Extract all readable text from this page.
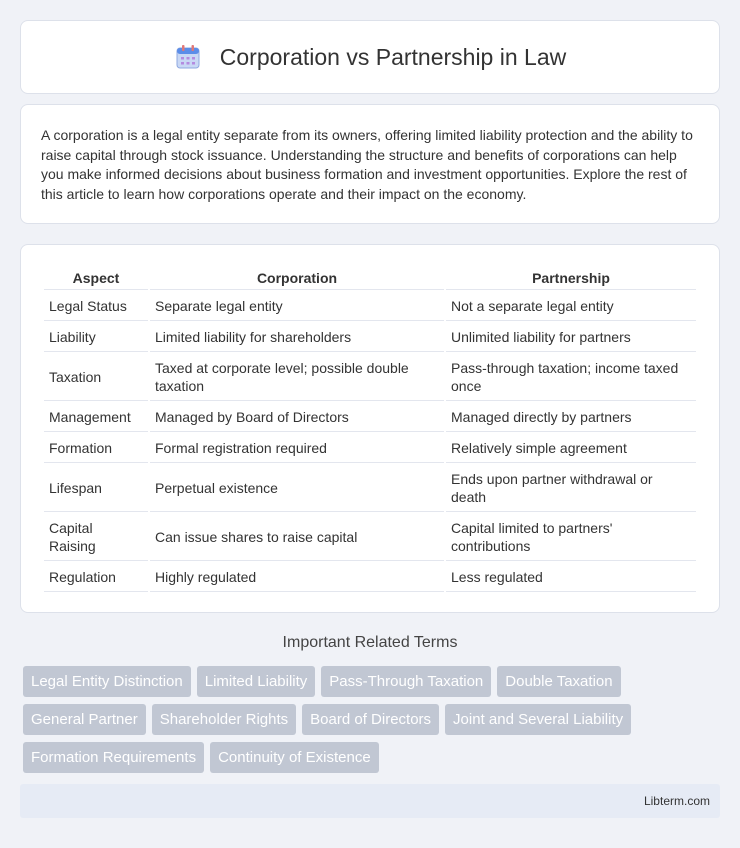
Corporation vs Partnership in Law

A corporation is a legal entity separate from its owners, offering limited liability protection and the ability to raise capital through stock issuance. Understanding the structure and benefits of corporations can help you make informed decisions about business formation and investment opportunities. Explore the rest of this article to learn how corporations operate and their impact on the economy.

Aspect	Corporation	Partnership
Legal Status	Separate legal entity	Not a separate legal entity
Liability	Limited liability for shareholders	Unlimited liability for partners
Taxation	Taxed at corporate level; possible double taxation	Pass-through taxation; income taxed once
Management	Managed by Board of Directors	Managed directly by partners
Formation	Formal registration required	Relatively simple agreement
Lifespan	Perpetual existence	Ends upon partner withdrawal or death
Capital Raising	Can issue shares to raise capital	Capital limited to partners' contributions
Regulation	Highly regulated	Less regulated
Important Related Terms
Legal Entity Distinction	Limited Liability	Pass-Through Taxation	Double Taxation
General Partner	Shareholder Rights	Board of Directors	Joint and Several Liability
Formation Requirements	Continuity of Existence
Libterm.com
